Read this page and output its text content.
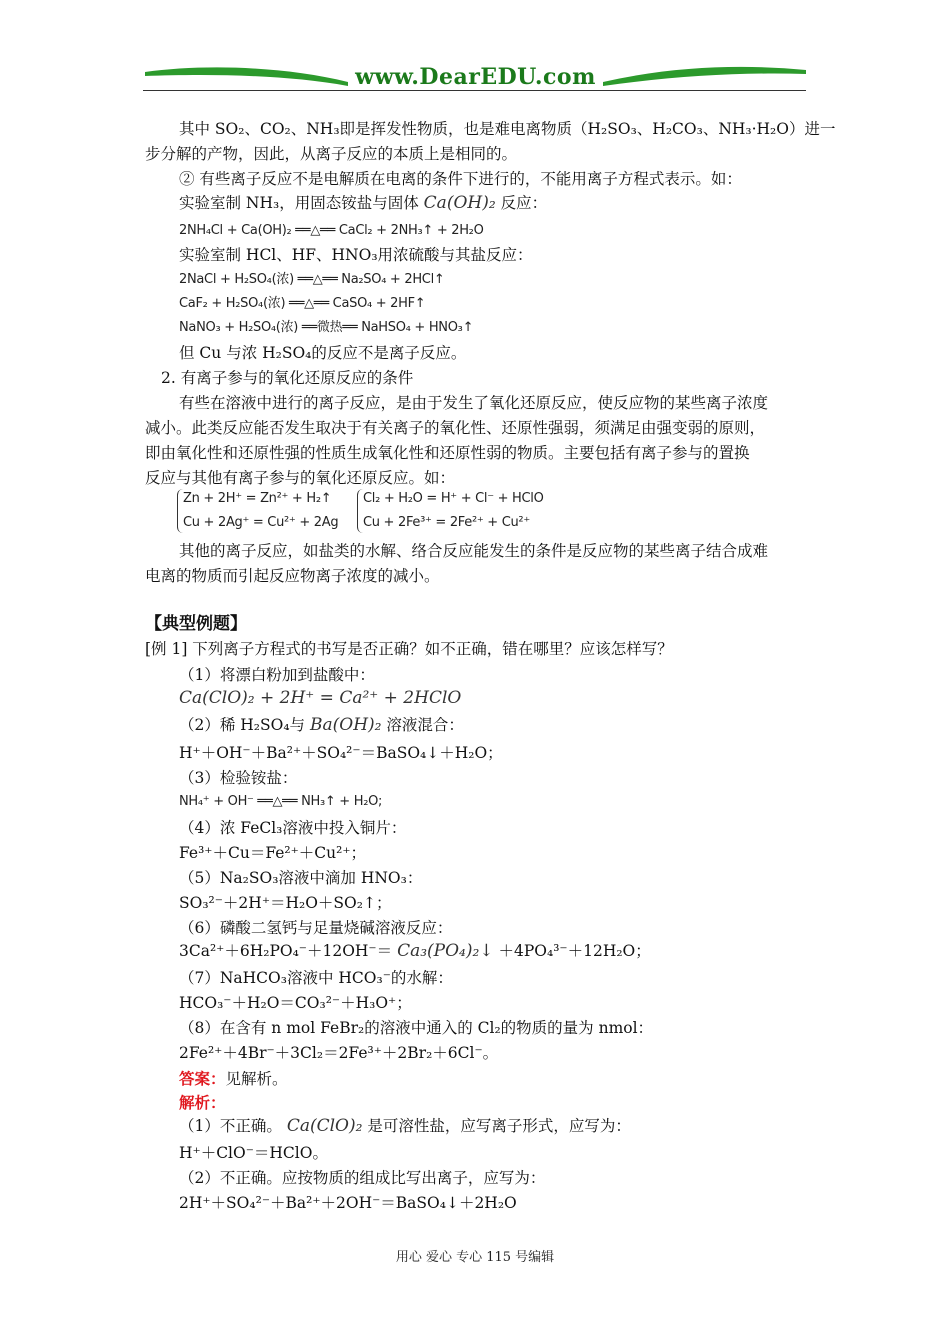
www.DearEDU.com
其中 SO₂、CO₂、NH₃即是挥发性物质，也是难电离物质（H₂SO₃、H₂CO₃、NH₃·H₂O）进一
步分解的产物，因此，从离子反应的本质上是相同的。
② 有些离子反应不是电解质在电离的条件下进行的，不能用离子方程式表示。如：
实验室制 NH₃，用固态铵盐与固体 Ca(OH)₂ 反应：
2NH₄Cl + Ca(OH)₂ ══△══ CaCl₂ + 2NH₃↑ + 2H₂O
实验室制 HCl、HF、HNO₃用浓硫酸与其盐反应：
2NaCl + H₂SO₄(浓) ══△══ Na₂SO₄ + 2HCl↑
CaF₂ + H₂SO₄(浓) ══△══ CaSO₄ + 2HF↑
NaNO₃ + H₂SO₄(浓) ══微热══ NaHSO₄ + HNO₃↑
但 Cu 与浓 H₂SO₄的反应不是离子反应。
2. 有离子参与的氧化还原反应的条件
有些在溶液中进行的离子反应，是由于发生了氧化还原反应，使反应物的某些离子浓度
减小。此类反应能否发生取决于有关离子的氧化性、还原性强弱，须满足由强变弱的原则，
即由氧化性和还原性强的性质生成氧化性和还原性弱的物质。主要包括有离子参与的置换
反应与其他有离子参与的氧化还原反应。如：
Zn + 2H⁺ = Zn²⁺ + H₂↑
Cu + 2Ag⁺ = Cu²⁺ + 2Ag
Cl₂ + H₂O = H⁺ + Cl⁻ + HClO
Cu + 2Fe³⁺ = 2Fe²⁺ + Cu²⁺
其他的离子反应，如盐类的水解、络合反应能发生的条件是反应物的某些离子结合成难
电离的物质而引起反应物离子浓度的减小。
【典型例题】
[例 1] 下列离子方程式的书写是否正确？如不正确，错在哪里？应该怎样写？
（1）将漂白粉加到盐酸中：
Ca(ClO)₂ + 2H⁺ = Ca²⁺ + 2HClO
（2）稀 H₂SO₄与 Ba(OH)₂ 溶液混合：
H⁺＋OH⁻＋Ba²⁺＋SO₄²⁻＝BaSO₄↓＋H₂O；
（3）检验铵盐：
NH₄⁺ + OH⁻ ══△══ NH₃↑ + H₂O;
（4）浓 FeCl₃溶液中投入铜片：
Fe³⁺＋Cu＝Fe²⁺＋Cu²⁺；
（5）Na₂SO₃溶液中滴加 HNO₃：
SO₃²⁻＋2H⁺＝H₂O＋SO₂↑；
（6）磷酸二氢钙与足量烧碱溶液反应：
3Ca²⁺＋6H₂PO₄⁻＋12OH⁻＝ Ca₃(PO₄)₂↓ ＋4PO₄³⁻＋12H₂O；
（7）NaHCO₃溶液中 HCO₃⁻的水解：
HCO₃⁻＋H₂O＝CO₃²⁻＋H₃O⁺；
（8）在含有 n mol FeBr₂的溶液中通入的 Cl₂的物质的量为 nmol：
2Fe²⁺＋4Br⁻＋3Cl₂＝2Fe³⁺＋2Br₂＋6Cl⁻。
答案：见解析。
解析：
（1）不正确。 Ca(ClO)₂ 是可溶性盐，应写离子形式，应写为：
H⁺＋ClO⁻＝HClO。
（2）不正确。应按物质的组成比写出离子，应写为：
2H⁺＋SO₄²⁻＋Ba²⁺＋2OH⁻＝BaSO₄↓＋2H₂O
用心 爱心 专心 115 号编辑
